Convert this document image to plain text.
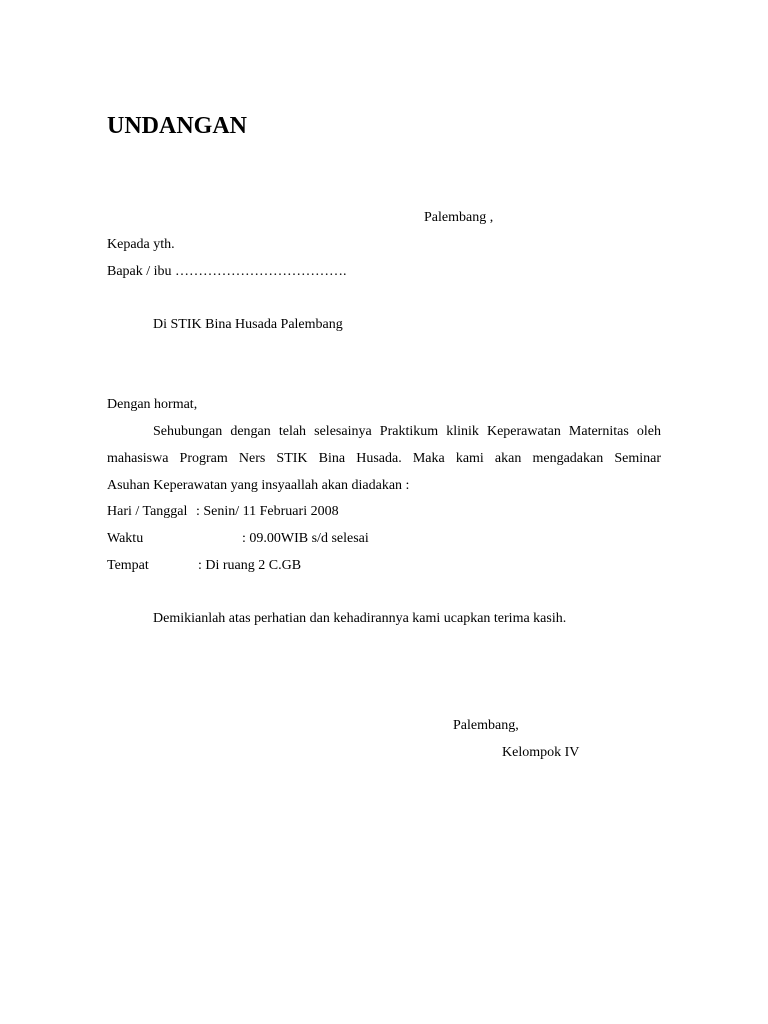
UNDANGAN
Palembang ,
Kepada yth.
Bapak / ibu ……………………………….
Di STIK Bina Husada Palembang
Dengan hormat,
Sehubungan dengan telah selesainya Praktikum klinik Keperawatan Maternitas oleh
mahasiswa Program Ners STIK Bina Husada. Maka kami akan mengadakan Seminar
Asuhan Keperawatan yang insyaallah akan diadakan :
Hari / Tanggal : Senin/ 11 Februari 2008
Waktu	: 09.00WIB s/d selesai
Tempat	: Di ruang 2 C.GB
Demikianlah atas perhatian dan kehadirannya kami ucapkan terima kasih.
Palembang,
Kelompok IV
